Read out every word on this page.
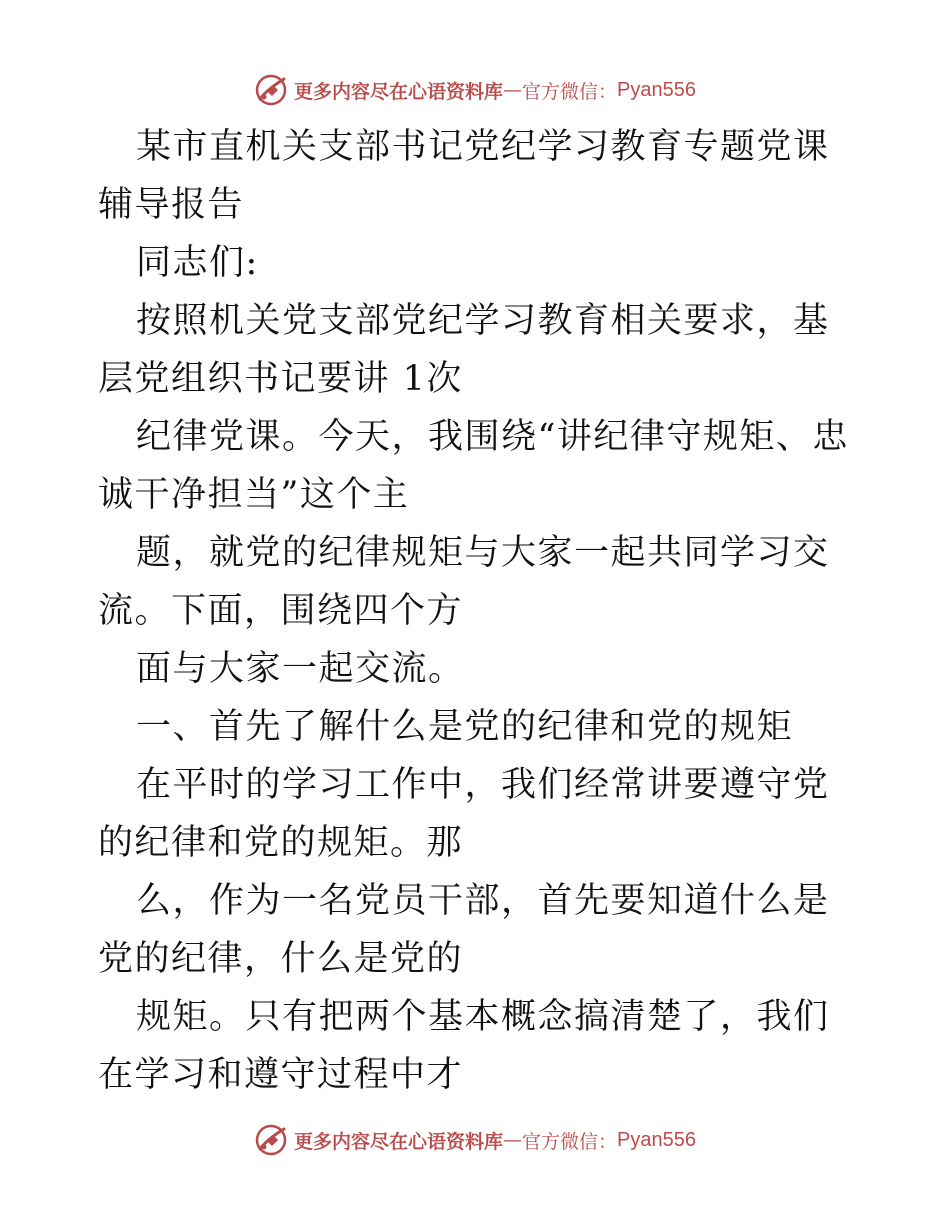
更多内容尽在心语资料库 — 官方微信： Pyan556

某市直机关支部书记党纪学习教育专题党课辅导报告

同志们:

按照机关党支部党纪学习教育相关要求，基层党组织书记要讲 1次

纪律党课。今天，我围绕“讲纪律守规矩、忠诚干净担当”这个主

题，就党的纪律规矩与大家一起共同学习交流。下面，围绕四个方

面与大家一起交流。

一、首先了解什么是党的纪律和党的规矩

在平时的学习工作中，我们经常讲要遵守党的纪律和党的规矩。那

么，作为一名党员干部，首先要知道什么是党的纪律，什么是党的

规矩。只有把两个基本概念搞清楚了，我们在学习和遵守过程中才

更多内容尽在心语资料库 — 官方微信： Pyan556
